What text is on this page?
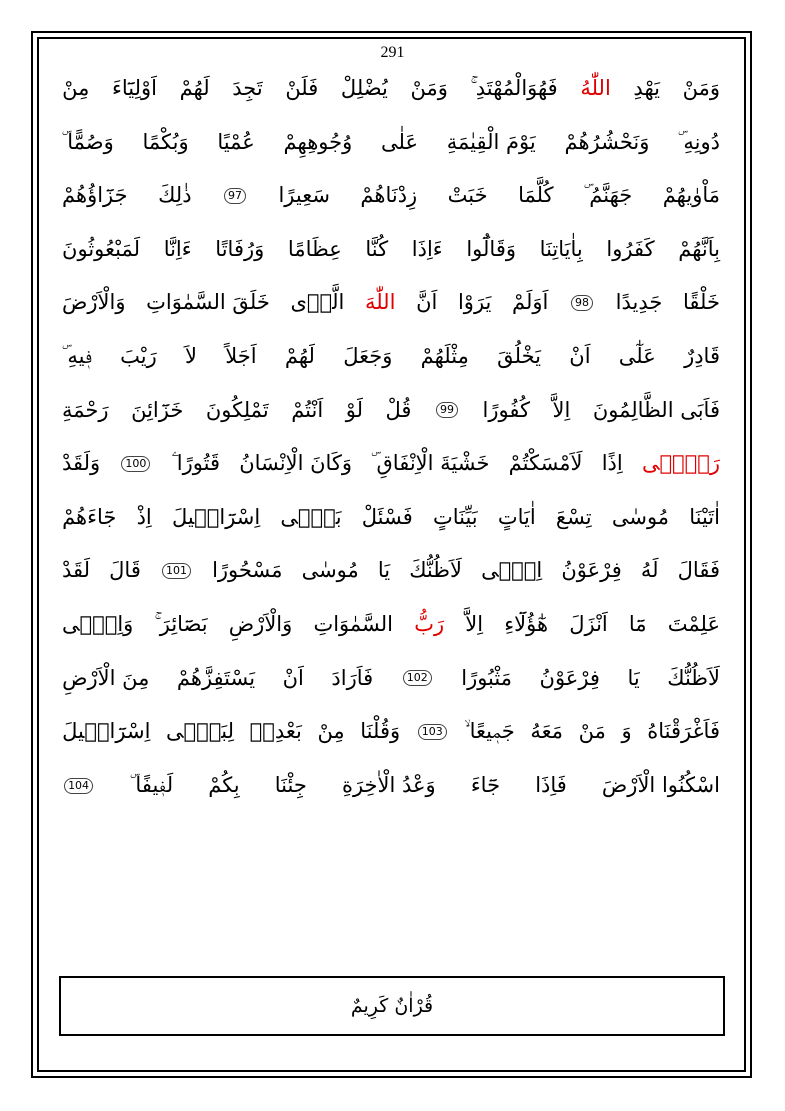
291
وَمَنْ
يَهْدِ
اللّٰهُ
فَهُوَالْمُهْتَدِ ۚ
وَمَنْ
يُضْلِلْ
فَلَنْ
تَجِدَ
لَهُمْ
اَوْلِيَٓاءَ
مِنْ
دُونِهِ ۜ
وَنَحْشُرُهُمْ
يَوْمَ الْقِيٰمَةِ
عَلٰى
وُجُوهِهِمْ
عُمْيًا
وَبُكْمًا
وَصُمًّا ۜ
مَاْوٰيهُمْ
جَهَنَّمُ ۜ
كُلَّمَا
خَبَتْ
زِدْنَاهُمْ
سَعِيرًا
97
ذٰلِكَ
جَزَٓاؤُهُمْ
بِاَنَّهُمْ
كَفَرُوا
بِاٰيَاتِنَا
وَقَالُٓوا
ءَاِذَا
كُنَّا
عِظَامًا
وَرُفَاتًا
ءَاِنَّا
لَمَبْعُوثُونَ
خَلْقًا
جَدِيدًا
98
اَوَلَمْ
يَرَوْا
اَنَّ
اللّٰهَ
الَّذٖى
خَلَقَ السَّمٰوَاتِ
وَالْاَرْضَ
قَادِرٌ
عَلٰٓى
اَنْ
يَخْلُقَ
مِثْلَهُمْ
وَجَعَلَ
لَهُمْ
اَجَلاً
لاَ
رَيْبَ
فٖيهِ ۜ
فَاَبَى الظَّالِمُونَ
اِلاَّ
كُفُورًا
99
قُلْ
لَوْ
اَنْتُمْ
تَمْلِكُونَ
خَزَٓائِنَ
رَحْمَةِ
رَبّٖٓى
اِذًا
لَاَمْسَكْتُمْ
خَشْيَةَ الْاِنْفَاقِ ۜ
وَكَانَ الْاِنْسَانُ
قَتُورًا ۧ
100
وَلَقَدْ
اٰتَيْنَا
مُوسٰى
تِسْعَ
اٰيَاتٍ
بَيِّنَاتٍ
فَسْئَلْ
بَنٖٓى
اِسْرَٓائٖيلَ
اِذْ
جَٓاءَهُمْ
فَقَالَ
لَهُ
فِرْعَوْنُ
اِنّٖى
لَاَظُنُّكَ
يَا
مُوسٰى
مَسْحُورًا
101
قَالَ
لَقَدْ
عَلِمْتَ
مَٓا
اَنْزَلَ
هٰٓؤُلَٓاءِ
اِلاَّ
رَبُّ
السَّمٰوَاتِ
وَالْاَرْضِ
بَصَٓائِرَ ۚ
وَاِنّٖى
لَاَظُنُّكَ
يَا
فِرْعَوْنُ
مَثْبُورًا
102
فَاَرَادَ
اَنْ
يَسْتَفِزَّهُمْ
مِنَ الْاَرْضِ
فَاَغْرَقْنَاهُ
وَ
مَنْ
مَعَهُ
جَمٖيعًا ۙ
103
وَقُلْنَا
مِنْ
بَعْدِهٖ
لِبَنٖٓى
اِسْرَٓائٖيلَ
اسْكُنُوا الْاَرْضَ
فَاِذَا
جَٓاءَ
وَعْدُ الْاٰخِرَةِ
جِئْنَا
بِكُمْ
لَفٖيفًا ۜ
104
قُرْاٰنٌ كَرِيمٌ
